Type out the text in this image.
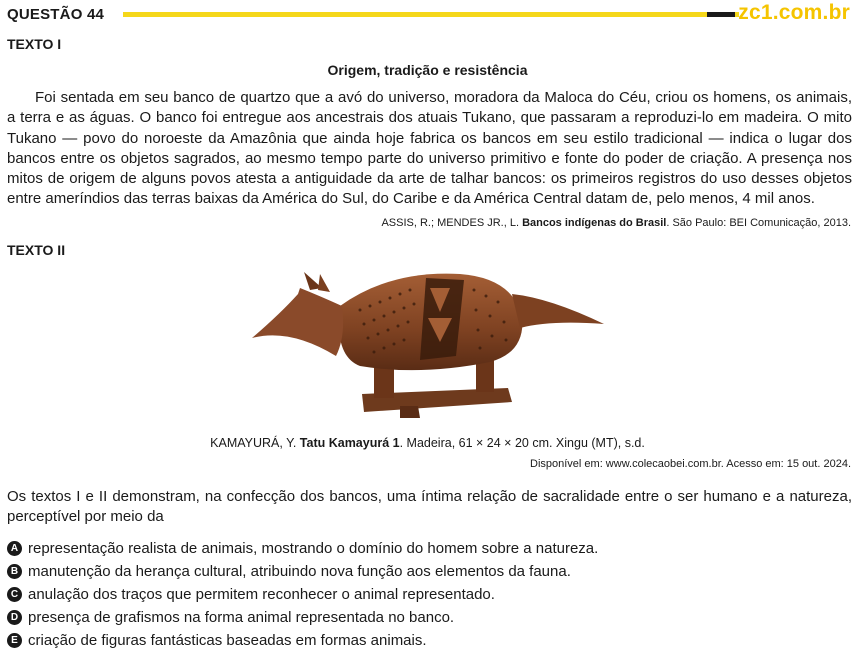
QUESTÃO 44	zc1.com.br
TEXTO I
Origem, tradição e resistência
Foi sentada em seu banco de quartzo que a avó do universo, moradora da Maloca do Céu, criou os homens, os animais, a terra e as águas. O banco foi entregue aos ancestrais dos atuais Tukano, que passaram a reproduzi-lo em madeira. O mito Tukano — povo do noroeste da Amazônia que ainda hoje fabrica os bancos em seu estilo tradicional — indica o lugar dos bancos entre os objetos sagrados, ao mesmo tempo parte do universo primitivo e fonte do poder de criação. A presença nos mitos de origem de alguns povos atesta a antiguidade da arte de talhar bancos: os primeiros registros do uso desses objetos entre ameríndios das terras baixas da América do Sul, do Caribe e da América Central datam de, pelo menos, 4 mil anos.
ASSIS, R.; MENDES JR., L. Bancos indígenas do Brasil. São Paulo: BEI Comunicação, 2013.
TEXTO II
KAMAYURÁ, Y. Tatu Kamayurá 1. Madeira, 61 × 24 × 20 cm. Xingu (MT), s.d.
Disponível em: www.colecaobei.com.br. Acesso em: 15 out. 2024.
Os textos I e II demonstram, na confecção dos bancos, uma íntima relação de sacralidade entre o ser humano e a natureza, perceptível por meio da
A representação realista de animais, mostrando o domínio do homem sobre a natureza.
B manutenção da herança cultural, atribuindo nova função aos elementos da fauna.
C anulação dos traços que permitem reconhecer o animal representado.
D presença de grafismos na forma animal representada no banco.
E criação de figuras fantásticas baseadas em formas animais.
